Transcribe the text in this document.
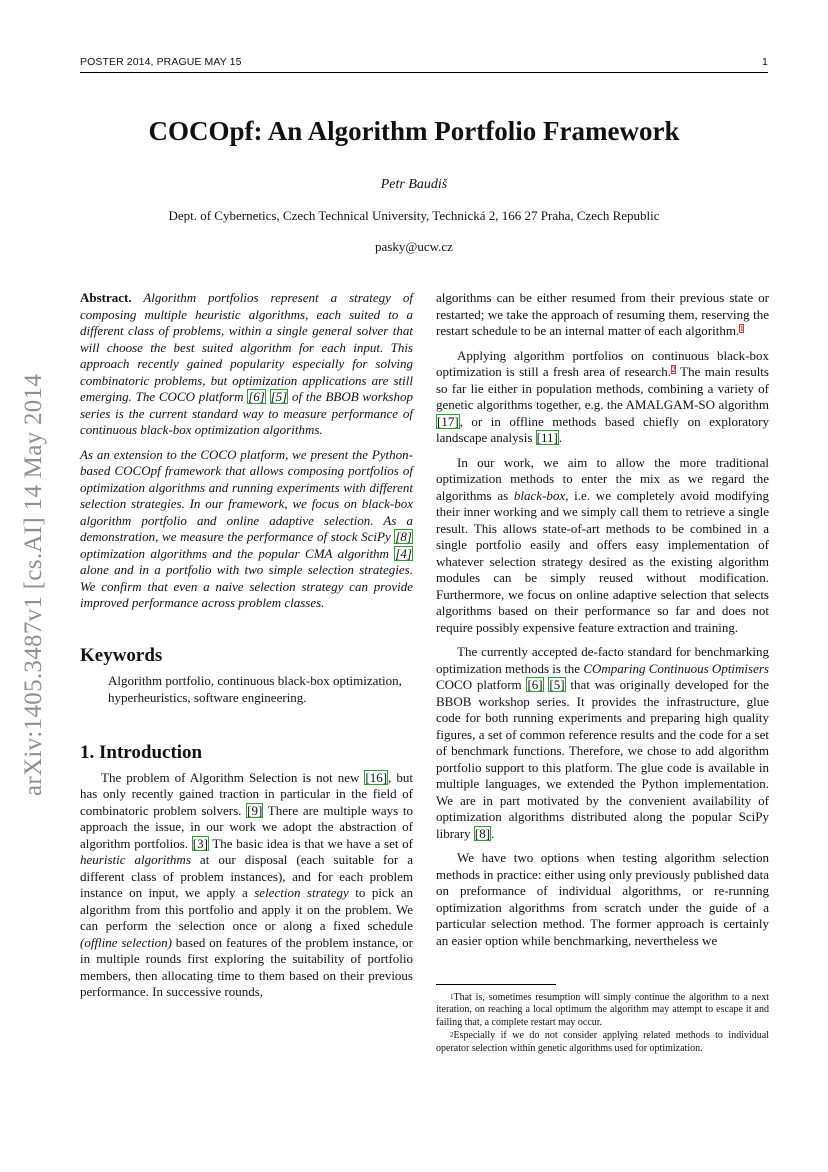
POSTER 2014, PRAGUE MAY 15	1
COCOpf: An Algorithm Portfolio Framework
Petr Baudiš
Dept. of Cybernetics, Czech Technical University, Technická 2, 166 27 Praha, Czech Republic
pasky@ucw.cz
arXiv:1405.3487v1 [cs.AI] 14 May 2014

Abstract. Algorithm portfolios represent a strategy of composing multiple heuristic algorithms, each suited to a different class of problems, within a single general solver that will choose the best suited algorithm for each input. This approach recently gained popularity especially for solving combinatoric problems, but optimization applications are still emerging. The COCO platform [6] [5] of the BBOB workshop series is the current standard way to measure performance of continuous black-box optimization algorithms.

As an extension to the COCO platform, we present the Python-based COCOpf framework that allows composing portfolios of optimization algorithms and running experiments with different selection strategies. In our framework, we focus on black-box algorithm portfolio and online adaptive selection. As a demonstration, we measure the performance of stock SciPy [8] optimization algorithms and the popular CMA algorithm [4] alone and in a portfolio with two simple selection strategies. We confirm that even a naive selection strategy can provide improved performance across problem classes.

Keywords

Algorithm portfolio, continuous black-box optimization, hyperheuristics, software engineering.

1. Introduction

The problem of Algorithm Selection is not new [16], but has only recently gained traction in particular in the field of combinatoric problem solvers. [9] There are multiple ways to approach the issue, in our work we adopt the abstraction of algorithm portfolios. [3] The basic idea is that we have a set of heuristic algorithms at our disposal (each suitable for a different class of problem instances), and for each problem instance on input, we apply a selection strategy to pick an algorithm from this portfolio and apply it on the problem. We can perform the selection once or along a fixed schedule (offline selection) based on features of the problem instance, or in multiple rounds first exploring the suitability of portfolio members, then allocating time to them based on their previous performance. In successive rounds,

algorithms can be either resumed from their previous state or restarted; we take the approach of resuming them, reserving the restart schedule to be an internal matter of each algorithm.$^1$

Applying algorithm portfolios on continuous black-box optimization is still a fresh area of research.$^2$ The main results so far lie either in population methods, combining a variety of genetic algorithms together, e.g. the AMALGAM-SO algorithm [17], or in offline methods based chiefly on exploratory landscape analysis [11].

In our work, we aim to allow the more traditional optimization methods to enter the mix as we regard the algorithms as black-box, i.e. we completely avoid modifying their inner working and we simply call them to retrieve a single result. This allows state-of-art methods to be combined in a single portfolio easily and offers easy implementation of whatever selection strategy desired as the existing algorithm modules can be simply reused without modification. Furthermore, we focus on online adaptive selection that selects algorithms based on their performance so far and does not require possibly expensive feature extraction and training.

The currently accepted de-facto standard for benchmarking optimization methods is the COmparing Continuous Optimisers COCO platform [6] [5] that was originally developed for the BBOB workshop series. It provides the infrastructure, glue code for both running experiments and preparing high quality figures, a set of common reference results and the code for a set of benchmark functions. Therefore, we chose to add algorithm portfolio support to this platform. The glue code is available in multiple languages, we extended the Python implementation. We are in part motivated by the convenient availability of optimization algorithms distributed along the popular SciPy library [8].

We have two options when testing algorithm selection methods in practice: either using only previously published data on preformance of individual algorithms, or re-running optimization algorithms from scratch under the guide of a particular selection method. The former approach is certainly an easier option while benchmarking, nevertheless we

$^1$That is, sometimes resumption will simply continue the algorithm to a next iteration, on reaching a local optimum the algorithm may attempt to escape it and failing that, a complete restart may occur.

$^2$Especially if we do not consider applying related methods to individual operator selection within genetic algorithms used for optimization.
